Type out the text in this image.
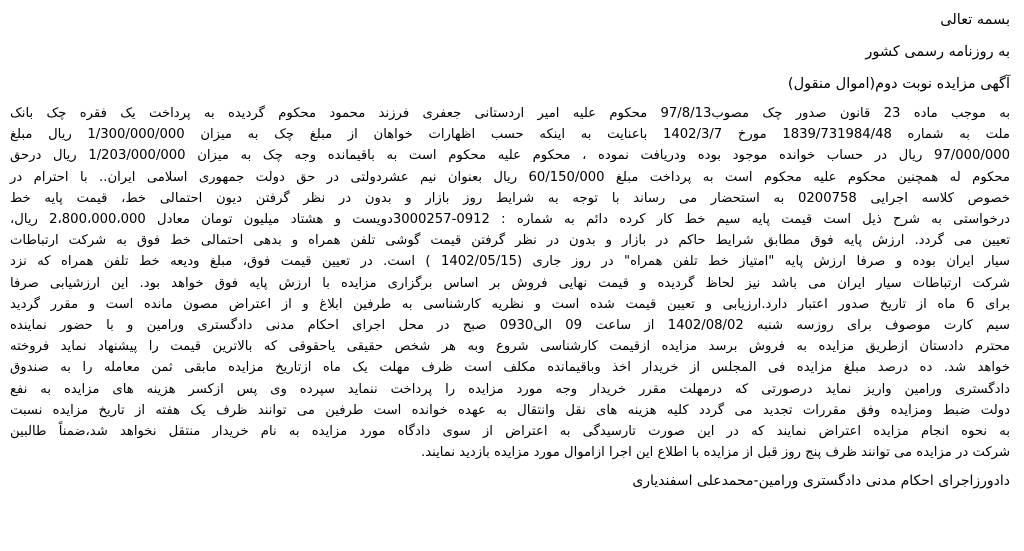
بسمه تعالی
به روزنامه رسمی کشور
آگهی مزایده نوبت دوم(اموال منقول)
به موجب ماده 23 قانون صدور چک مصوب97/8/13 محکوم علیه امیر اردستانی جعفری فرزند محمود محکوم گردیده به پرداخت یک فقره چک بانک
ملت به شماره 1839/731984/48 مورخ 1402/3/7 باعنایت به اینکه حسب اظهارات خواهان از مبلغ چک به میزان 1/300/000/000 ریال مبلغ
97/000/000 ریال در حساب خوانده موجود بوده ودریافت نموده ، محکوم علیه محکوم است به باقیمانده وجه چک به میزان 1/203/000/000 ریال درحق
محکوم له همچنین محکوم علیه محکوم است به پرداخت مبلغ 60/150/000 ریال بعنوان نیم عشردولتی در حق دولت جمهوری اسلامی ایران.. با احترام در
خصوص کلاسه اجرایی 0200758 به استحضار می رساند با توجه به شرایط روز بازار و بدون در نظر گرفتن دیون احتمالی خط، قیمت پایه خط
درخواستی به شرح ذیل است قیمت پایه سیم خط کار کرده دائم به شماره : 0912-3000257دویست و هشتاد میلیون تومان معادل 2،800،000،000 ریال،
تعیین می گردد. ارزش پایه فوق مطابق شرایط حاکم در بازار و بدون در نظر گرفتن قیمت گوشی تلفن همراه و بدهی احتمالی خط فوق به شرکت ارتباطات
سیار ایران بوده و صرفا ارزش پایه "امتیاز خط تلفن همراه" در روز جاری (1402/05/15 ) است. در تعیین قیمت فوق، مبلغ ودیعه خط تلفن همراه که نزد
شرکت ارتباطات سیار ایران می باشد نیز لحاظ گردیده و قیمت نهایی فروش بر اساس برگزاری مزایده با ارزش پایه فوق خواهد بود. این ارزشیابی صرفا
برای 6 ماه از تاریخ صدور اعتبار دارد.ارزیابی و تعیین قیمت شده است و نظریه کارشناسی به طرفین ابلاغ و از اعتراض مصون مانده است و مقرر گردید
سیم کارت موصوف برای روزسه شنبه 1402/08/02 از ساعت 09 الی0930 صبح در محل اجرای احکام مدنی دادگستری ورامین و با حضور نماینده
محترم دادستان ازطریق مزایده به فروش برسد مزایده ازقیمت کارشناسی شروع وبه هر شخص حقیقی یاحقوقی که بالاترین قیمت را پیشنهاد نماید فروخته
خواهد شد. ده درصد مبلغ مزایده فی المجلس از خریدار اخذ وباقیمانده مکلف است ظرف مهلت یک ماه ازتاریخ مزایده مابقی ثمن معامله را به صندوق
دادگستری ورامین واریز نماید درصورتی که درمهلت مقرر خریدار وجه مورد مزایده را پرداخت ننماید سپرده وی پس ازکسر هزینه های مزایده به نفع
دولت ضبط ومزایده وفق مقررات تجدید می گردد کلیه هزینه های نقل وانتقال به عهده خوانده است طرفین می توانند ظرف یک هفته از تاریخ مزایده نسبت
به نحوه انجام مزایده اعتراض نمایند که در این صورت تارسیدگی به اعتراض از سوی دادگاه مورد مزایده به نام خریدار منتقل نخواهد شد،ضمناً طالبین
شرکت در مزایده می توانند ظرف پنج روز قبل از مزایده با اطلاع این اجرا ازاموال مورد مزایده بازدید نمایند.
دادورزاجرای احکام مدنی دادگستری ورامین-محمدعلی اسفندیاری
